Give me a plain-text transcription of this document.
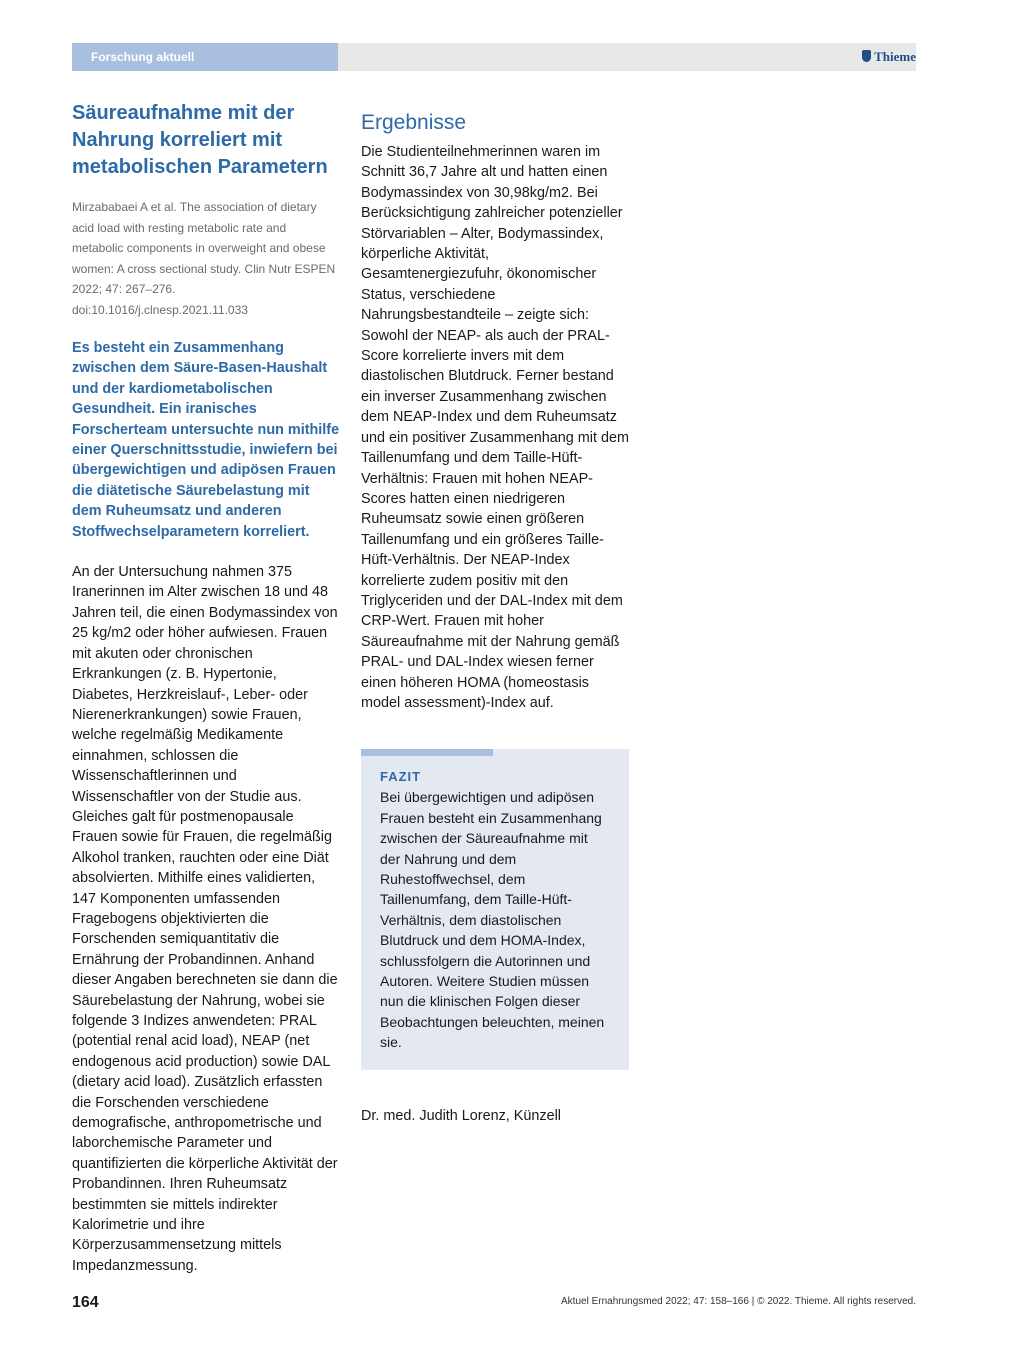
Forschung aktuell	Thieme
Säureaufnahme mit der Nahrung korreliert mit metabolischen Parametern
Mirzababaei A et al. The association of dietary acid load with resting metabolic rate and metabolic components in overweight and obese women: A cross sectional study. Clin Nutr ESPEN 2022; 47: 267–276. doi:10.1016/j.clnesp.2021.11.033
Es besteht ein Zusammenhang zwischen dem Säure-Basen-Haushalt und der kardiometabolischen Gesundheit. Ein iranisches Forscherteam untersuchte nun mithilfe einer Querschnittsstudie, inwiefern bei übergewichtigen und adipösen Frauen die diätetische Säurebelastung mit dem Ruheumsatz und anderen Stoffwechselparametern korreliert.
An der Untersuchung nahmen 375 Iranerinnen im Alter zwischen 18 und 48 Jahren teil, die einen Bodymassindex von 25 kg/m2 oder höher aufwiesen. Frauen mit akuten oder chronischen Erkrankungen (z. B. Hypertonie, Diabetes, Herzkreislauf-, Leber- oder Nierenerkrankungen) sowie Frauen, welche regelmäßig Medikamente einnahmen, schlossen die Wissenschaftlerinnen und Wissenschaftler von der Studie aus. Gleiches galt für postmenopausale Frauen sowie für Frauen, die regelmäßig Alkohol tranken, rauchten oder eine Diät absolvierten. Mithilfe eines validierten, 147 Komponenten umfassenden Fragebogens objektivierten die Forschenden semiquantitativ die Ernährung der Probandinnen. Anhand dieser Angaben berechneten sie dann die Säurebelastung der Nahrung, wobei sie folgende 3 Indizes anwendeten: PRAL (potential renal acid load), NEAP (net endogenous acid production) sowie DAL (dietary acid load). Zusätzlich erfassten die Forschenden verschiedene demografische, anthropometrische und laborchemische Parameter und quantifizierten die körperliche Aktivität der Probandinnen. Ihren Ruheumsatz bestimmten sie mittels indirekter Kalorimetrie und ihre Körperzusammensetzung mittels Impedanzmessung.
Ergebnisse
Die Studienteilnehmerinnen waren im Schnitt 36,7 Jahre alt und hatten einen Bodymassindex von 30,98kg/m2. Bei Berücksichtigung zahlreicher potenzieller Störvariablen – Alter, Bodymassindex, körperliche Aktivität, Gesamtenergiezufuhr, ökonomischer Status, verschiedene Nahrungsbestandteile – zeigte sich: Sowohl der NEAP- als auch der PRAL-Score korrelierte invers mit dem diastolischen Blutdruck. Ferner bestand ein inverser Zusammenhang zwischen dem NEAP-Index und dem Ruheumsatz und ein positiver Zusammenhang mit dem Taillenumfang und dem Taille-Hüft-Verhältnis: Frauen mit hohen NEAP-Scores hatten einen niedrigeren Ruheumsatz sowie einen größeren Taillenumfang und ein größeres Taille-Hüft-Verhältnis. Der NEAP-Index korrelierte zudem positiv mit den Triglyceriden und der DAL-Index mit dem CRP-Wert. Frauen mit hoher Säureaufnahme mit der Nahrung gemäß PRAL- und DAL-Index wiesen ferner einen höheren HOMA (homeostasis model assessment)-Index auf.
FAZIT
Bei übergewichtigen und adipösen Frauen besteht ein Zusammenhang zwischen der Säureaufnahme mit der Nahrung und dem Ruhestoffwechsel, dem Taillenumfang, dem Taille-Hüft-Verhältnis, dem diastolischen Blutdruck und dem HOMA-Index, schlussfolgern die Autorinnen und Autoren. Weitere Studien müssen nun die klinischen Folgen dieser Beobachtungen beleuchten, meinen sie.
Dr. med. Judith Lorenz, Künzell
164	Aktuel Ernahrungsmed 2022; 47: 158–166 | © 2022. Thieme. All rights reserved.
